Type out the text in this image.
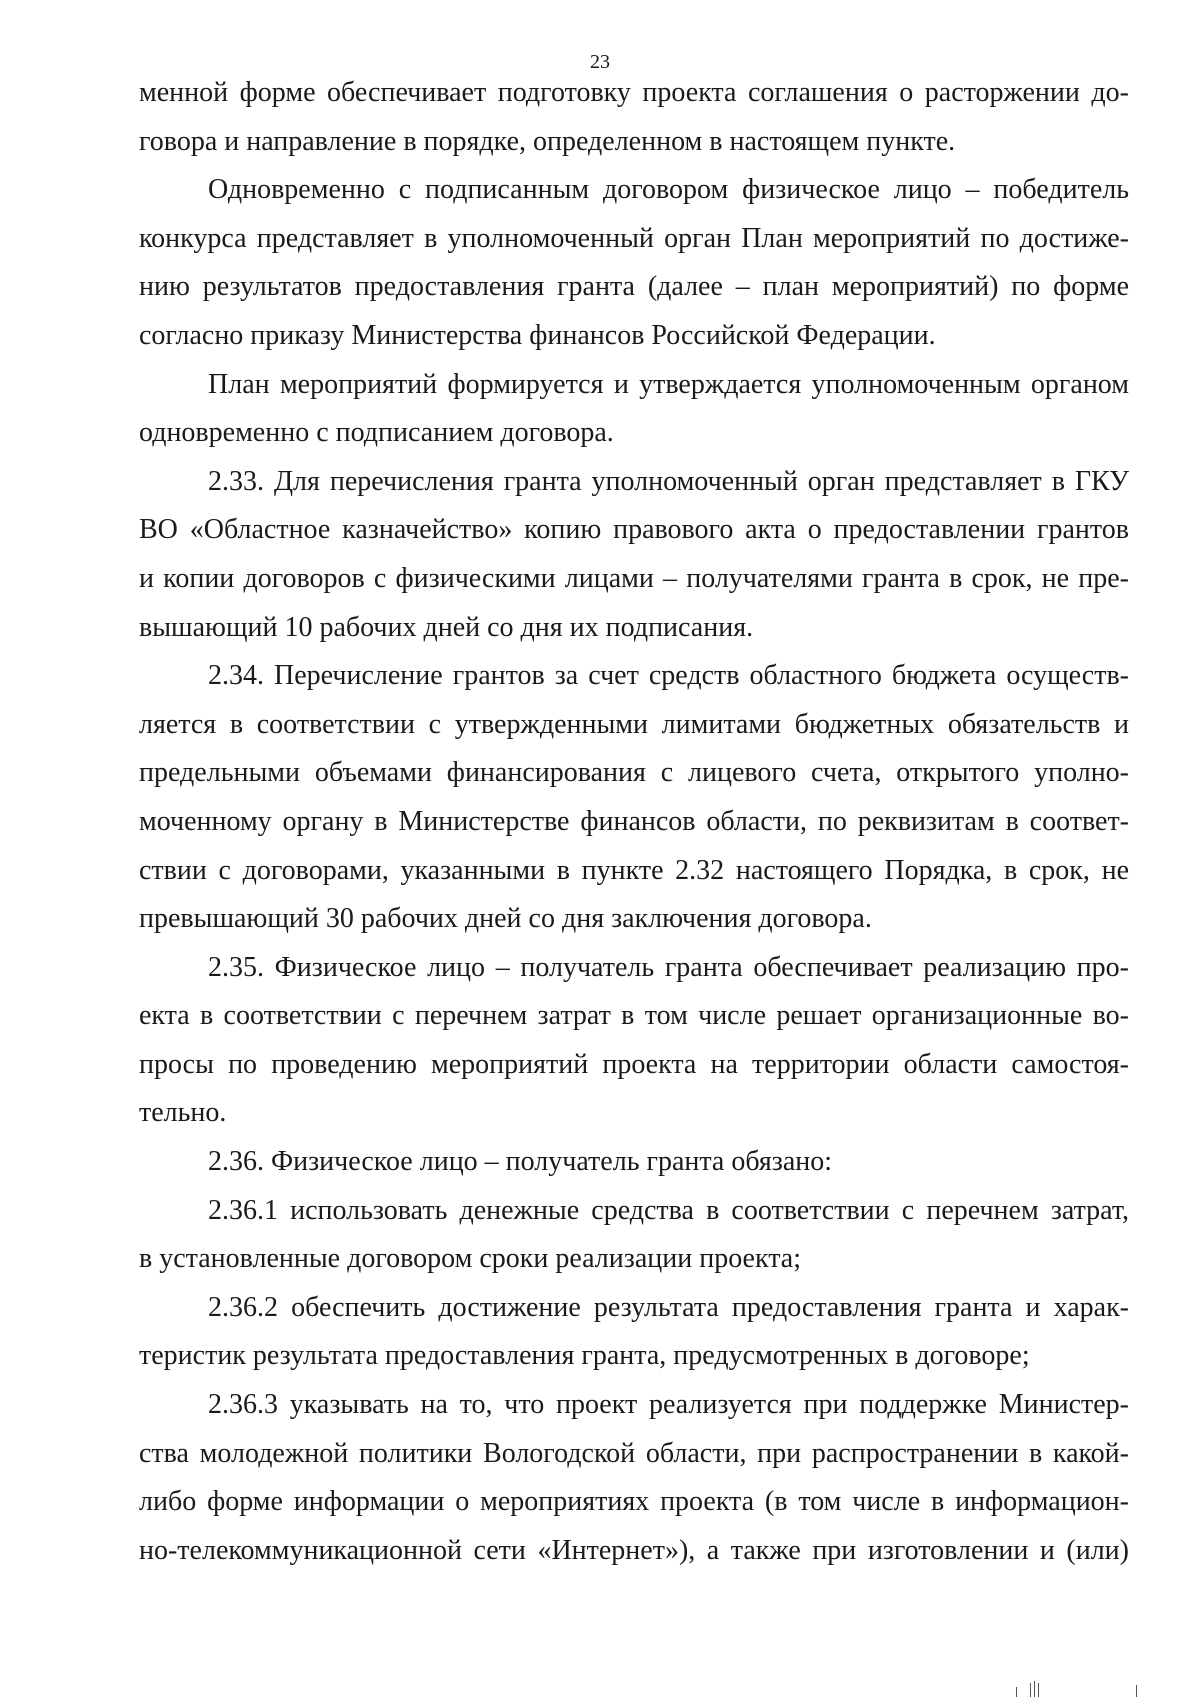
23
менной форме обеспечивает подготовку проекта соглашения о расторжении до-
говора и направление в порядке, определенном в настоящем пункте.
Одновременно с подписанным договором физическое лицо – победитель
конкурса представляет в уполномоченный орган План мероприятий по достиже-
нию результатов предоставления гранта (далее – план мероприятий) по форме
согласно приказу Министерства финансов Российской Федерации.
План мероприятий формируется и утверждается уполномоченным органом
одновременно с подписанием договора.
2.33. Для перечисления гранта уполномоченный орган представляет в ГКУ
ВО «Областное казначейство» копию правового акта о предоставлении грантов
и копии договоров с физическими лицами – получателями гранта в срок, не пре-
вышающий 10 рабочих дней со дня их подписания.
2.34. Перечисление грантов за счет средств областного бюджета осуществ-
ляется в соответствии с утвержденными лимитами бюджетных обязательств и
предельными объемами финансирования с лицевого счета, открытого уполно-
моченному органу в Министерстве финансов области, по реквизитам в соответ-
ствии с договорами, указанными в пункте 2.32 настоящего Порядка, в срок, не
превышающий 30 рабочих дней со дня заключения договора.
2.35. Физическое лицо – получатель гранта обеспечивает реализацию про-
екта в соответствии с перечнем затрат в том числе решает организационные во-
просы по проведению мероприятий проекта на территории области самостоя-
тельно.
2.36. Физическое лицо – получатель гранта обязано:
2.36.1 использовать денежные средства в соответствии с перечнем затрат,
в установленные договором сроки реализации проекта;
2.36.2 обеспечить достижение результата предоставления гранта и харак-
теристик результата предоставления гранта, предусмотренных в договоре;
2.36.3 указывать на то, что проект реализуется при поддержке Министер-
ства молодежной политики Вологодской области, при распространении в какой-
либо форме информации о мероприятиях проекта (в том числе в информацион-
но-телекоммуникационной сети «Интернет»), а также при изготовлении и (или)
